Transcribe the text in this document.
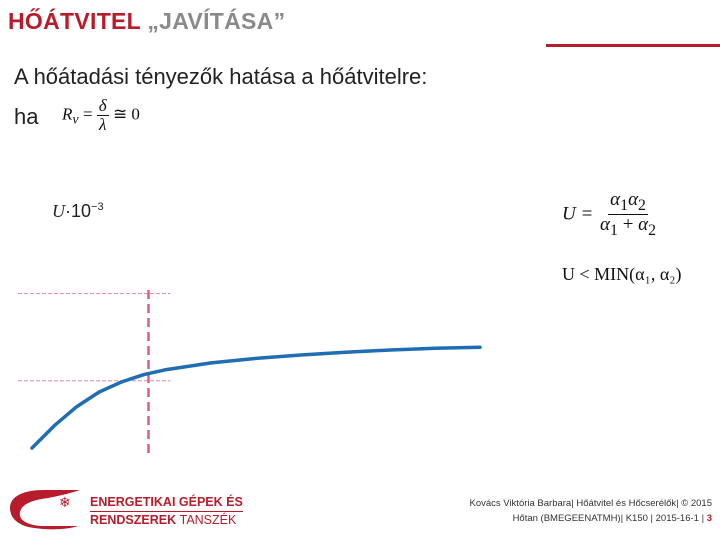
HŐÁTVITEL „JAVÍTÁSA”
A hőátadási tényezők hatása a hőátvitelre:
ha $R_v = \frac{\delta}{\lambda}$ ≅ 0
$U = \frac{\alpha_1\alpha_2}{\alpha_1 + \alpha_2}$
U < MIN(α₁, α₂)
$U\cdot 10^{-3}$
η ❄ ENERGETIKAI GÉPEK ÉS
RENDSZEREK TANSZÉK
Kovács Viktória Barbara| Hőátvitel és Hőcserélők| © 2015
Hőtan (BMEGEENATMH)| K150 | 2015-16-1 | 3
